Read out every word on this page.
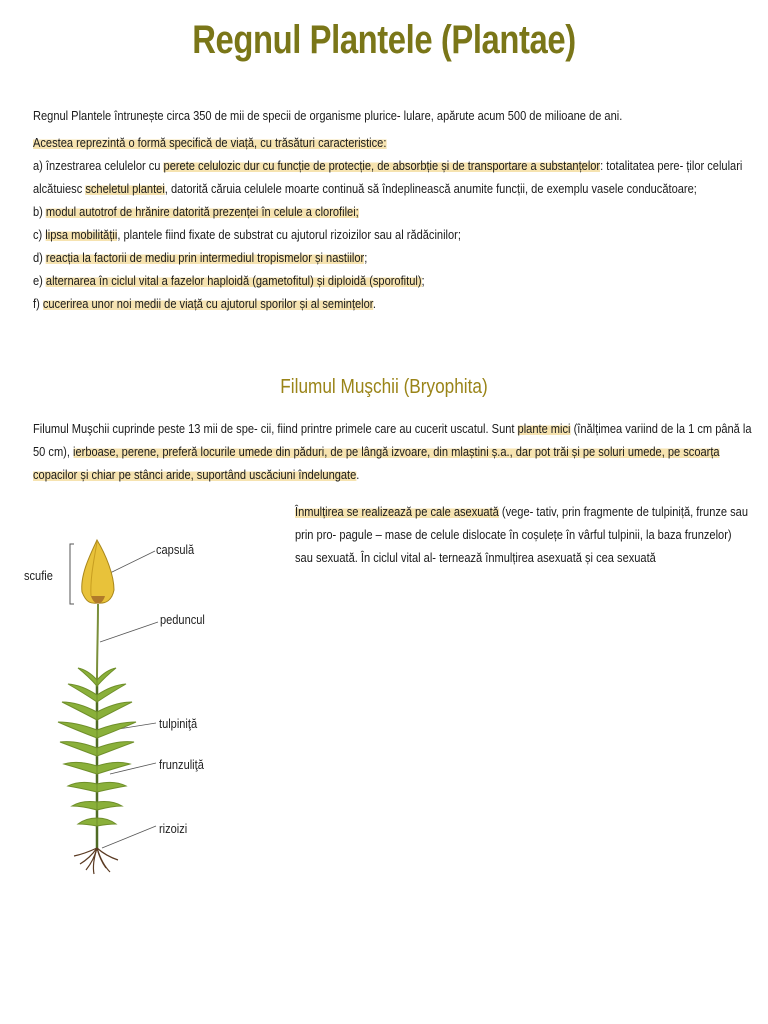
Regnul Plantele (Plantae)
Regnul Plantele întrunește circa 350 de mii de specii de organisme plurice- lulare, apărute acum 500 de milioane de ani.
Acestea reprezintă o formă specifică de viață, cu trăsături caracteristice:
a) înzestrarea celulelor cu perete celulozic dur cu funcție de protecție, de absorbție și de transportare a substanțelor: totalitatea pere- ților celulari alcătuiesc scheletul plantei, datorită căruia celulele moarte continuă să îndeplinească anumite funcții, de exemplu vasele conducătoare;
b) modul autotrof de hrănire datorită prezenței în celule a clorofilei;
c) lipsa mobilității, plantele fiind fixate de substrat cu ajutorul rizoizilor sau al rădăcinilor;
d) reacția la factorii de mediu prin intermediul tropismelor și nastiilor;
e) alternarea în ciclul vital a fazelor haploidă (gametofitul) și diploidă (sporofitul);
f) cucerirea unor noi medii de viață cu ajutorul sporilor și al semințelor.
Filumul Muşchii (Bryophita)
Filumul Muşchii cuprinde peste 13 mii de spe- cii, fiind printre primele care au cucerit uscatul. Sunt plante mici (înălțimea variind de la 1 cm până la 50 cm), ierboase, perene, preferă locurile umede din păduri, de pe lângă izvoare, din mlaștini ș.a., dar pot trăi și pe soluri umede, pe scoarța copacilor și chiar pe stânci aride, suportând uscăciuni îndelungate.
Înmulțirea se realizează pe cale asexuată (vege- tativ, prin fragmente de tulpiniță, frunze sau prin pro- pagule – mase de celule dislocate în coșulețe în vârful tulpinii, la baza frunzelor) sau sexuată. În ciclul vital al- ternează înmulțirea asexuată și cea sexuată
capsulă
scufie
peduncul
tulpiniţă
frunzuliţă
rizoizi
